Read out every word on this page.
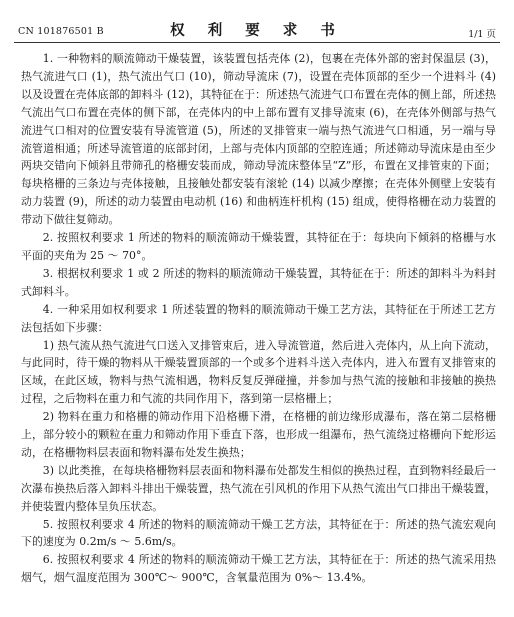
CN 101876501 B	权 利 要 求 书	1/1 页

1. 一种物料的顺流筛动干燥装置，该装置包括壳体 (2)，包裹在壳体外部的密封保温层 (3)，热气流进气口 (1)，热气流出气口 (10)，筛动导流床 (7)，设置在壳体顶部的至少一个进料斗 (4) 以及设置在壳体底部的卸料斗 (12)，其特征在于：所述热气流进气口布置在壳体的侧上部，所述热气流出气口布置在壳体的侧下部，在壳体内的中上部布置有叉排导流束 (6)，在壳体外侧部与热气流进气口相对的位置安装有导流管道 (5)，所述的叉排管束一端与热气流进气口相通，另一端与导流管道相通；所述导流管道的底部封闭，上部与壳体内顶部的空腔连通；所述筛动导流床是由至少两块交错向下倾斜且带筛孔的格栅安装而成，筛动导流床整体呈“Z”形，布置在叉排管束的下面；每块格栅的三条边与壳体接触，且接触处都安装有滚轮 (14) 以减少摩擦；在壳体外侧壁上安装有动力装置 (9)，所述的动力装置由电动机 (16) 和曲柄连杆机构 (15) 组成，使得格栅在动力装置的带动下做往复筛动。

2. 按照权利要求 1 所述的物料的顺流筛动干燥装置，其特征在于：每块向下倾斜的格栅与水平面的夹角为 25 ～ 70°。

3. 根据权利要求 1 或 2 所述的物料的顺流筛动干燥装置，其特征在于：所述的卸料斗为料封式卸料斗。

4. 一种采用如权利要求 1 所述装置的物料的顺流筛动干燥工艺方法，其特征在于所述工艺方法包括如下步骤：

1) 热气流从热气流进气口送入叉排管束后，进入导流管道，然后进入壳体内，从上向下流动，与此同时，待干燥的物料从干燥装置顶部的一个或多个进料斗送入壳体内，进入布置有叉排管束的区域，在此区域，物料与热气流相遇，物料反复反弹碰撞，并参加与热气流的接触和非接触的换热过程，之后物料在重力和气流的共同作用下，落到第一层格栅上；

2) 物料在重力和格栅的筛动作用下沿格栅下滑，在格栅的前边缘形成瀑布，落在第二层格栅上，部分较小的颗粒在重力和筛动作用下垂直下落，也形成一组瀑布，热气流绕过格栅向下蛇形运动，在格栅物料层表面和物料瀑布处发生换热；

3) 以此类推，在每块格栅物料层表面和物料瀑布处都发生相似的换热过程，直到物料经最后一次瀑布换热后落入卸料斗排出干燥装置，热气流在引风机的作用下从热气流出气口排出干燥装置，并使装置内整体呈负压状态。

5. 按照权利要求 4 所述的物料的顺流筛动干燥工艺方法，其特征在于：所述的热气流宏观向下的速度为 0.2m/s ～ 5.6m/s。

6. 按照权利要求 4 所述的物料的顺流筛动干燥工艺方法，其特征在于：所述的热气流采用热烟气，烟气温度范围为 300℃～ 900℃，含氧量范围为 0%～ 13.4%。
